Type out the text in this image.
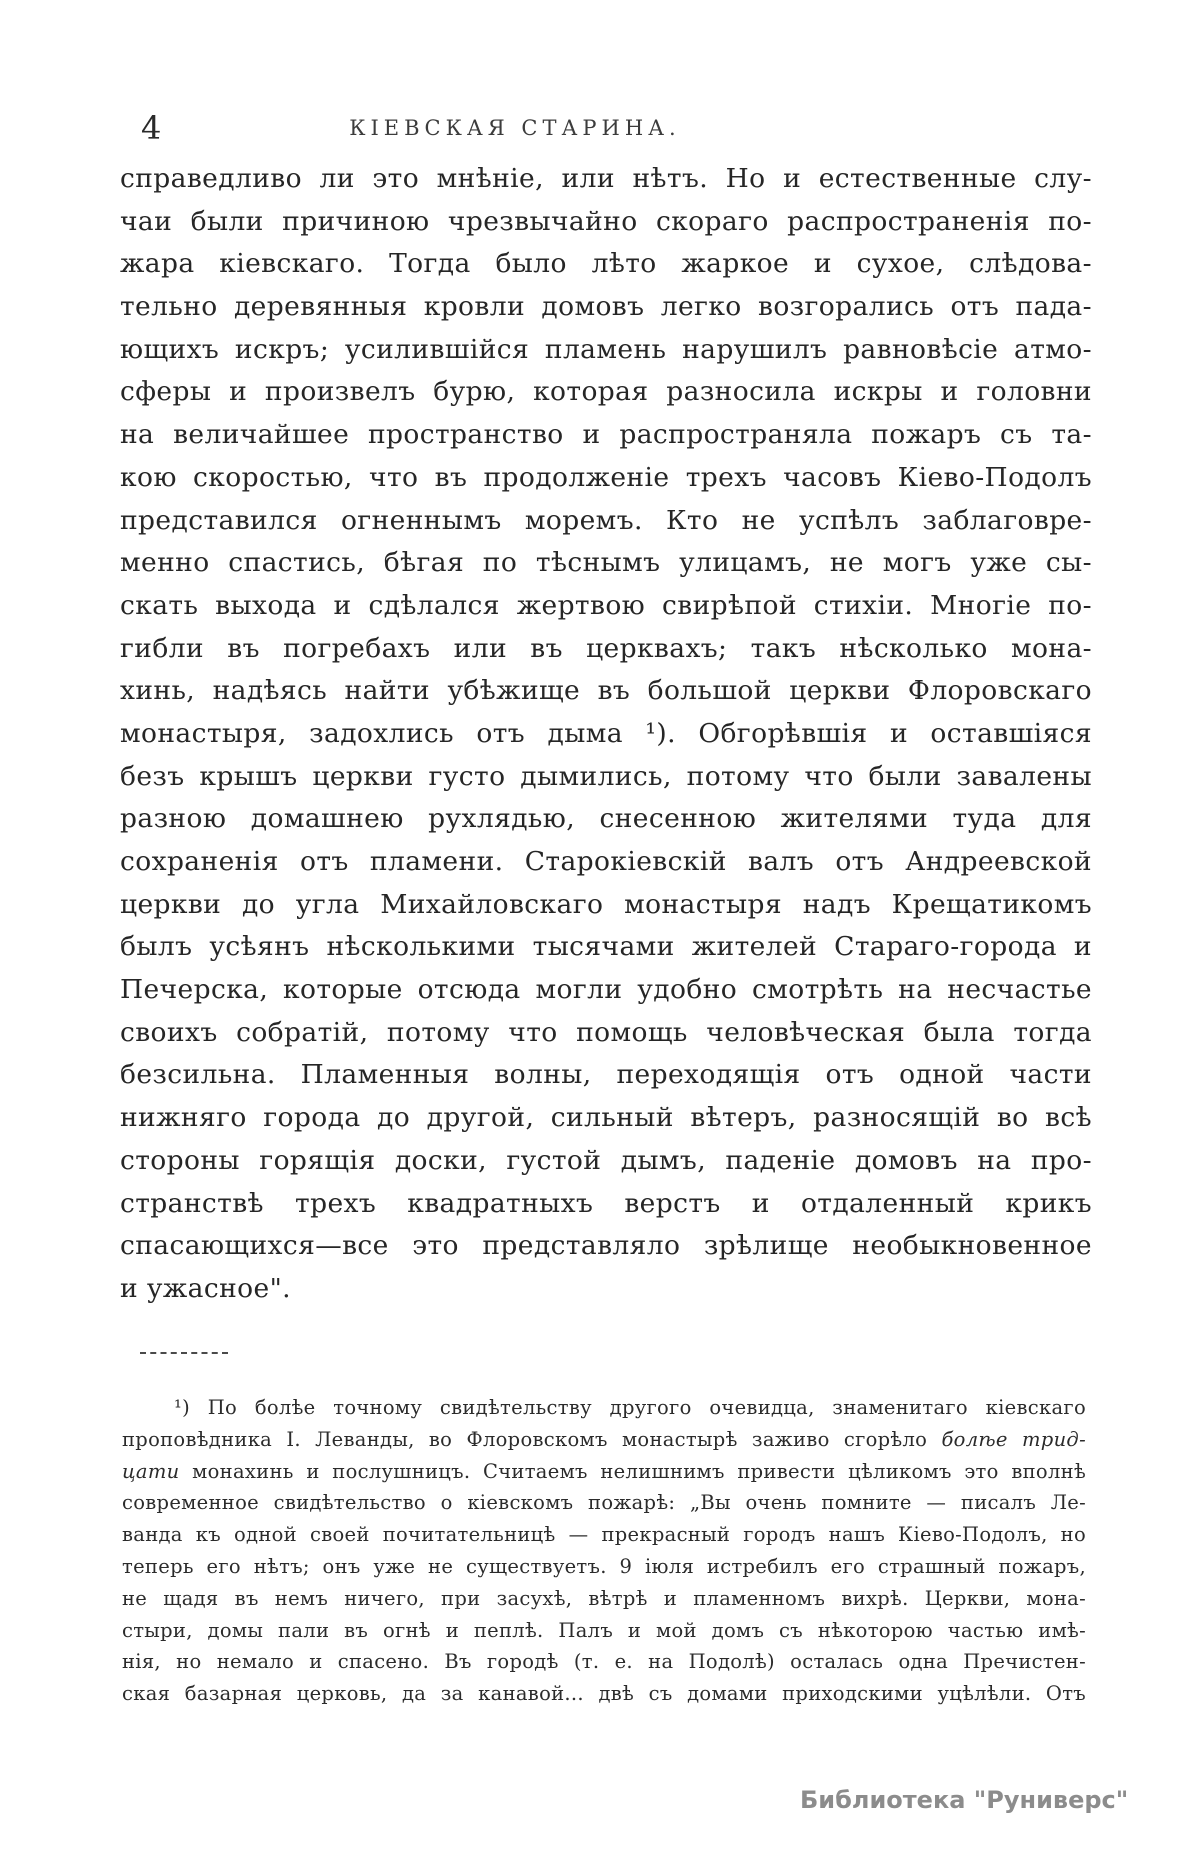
4	КІЕВСКАЯ СТАРИНА.
справедливо ли это мнѣніе, или нѣтъ. Но и естественные слу-
чаи были причиною чрезвычайно скораго распространенія по-
жара кіевскаго. Тогда было лѣто жаркое и сухое, слѣдова-
тельно деревянныя кровли домовъ легко возгорались отъ пада-
ющихъ искръ; усилившійся пламень нарушилъ равновѣсіе атмо-
сферы и произвелъ бурю, которая разносила искры и головни
на величайшее пространство и распространяла пожаръ съ та-
кою скоростью, что въ продолженіе трехъ часовъ Кіево-Подолъ
представился огненнымъ моремъ. Кто не успѣлъ заблаговре-
менно спастись, бѣгая по тѣснымъ улицамъ, не могъ уже сы-
скать выхода и сдѣлался жертвою свирѣпой стихіи. Многіе по-
гибли въ погребахъ или въ церквахъ; такъ нѣсколько мона-
хинь, надѣясь найти убѣжище въ большой церкви Флоровскаго
монастыря, задохлись отъ дыма ¹). Обгорѣвшія и оставшіяся
безъ крышъ церкви густо дымились, потому что были завалены
разною домашнею рухлядью, снесенною жителями туда для
сохраненія отъ пламени. Старокіевскій валъ отъ Андреевской
церкви до угла Михайловскаго монастыря надъ Крещатикомъ
былъ усѣянъ нѣсколькими тысячами жителей Стараго-города и
Печерска, которые отсюда могли удобно смотрѣть на несчастье
своихъ собратій, потому что помощь человѣческая была тогда
безсильна. Пламенныя волны, переходящія отъ одной части
нижняго города до другой, сильный вѣтеръ, разносящій во всѣ
стороны горящія доски, густой дымъ, паденіе домовъ на про-
странствѣ трехъ квадратныхъ верстъ и отдаленный крикъ
спасающихся—все это представляло зрѣлище необыкновенное
и ужасное".
¹) По болѣе точному свидѣтельству другого очевидца, знаменитаго кіевскаго
проповѣдника І. Леванды, во Флоровскомъ монастырѣ заживо сгорѣло болѣе трид-
цати монахинь и послушницъ. Считаемъ нелишнимъ привести цѣликомъ это вполнѣ
современное свидѣтельство о кіевскомъ пожарѣ: „Вы очень помните — писалъ Ле-
ванда къ одной своей почитательницѣ — прекрасный городъ нашъ Кіево-Подолъ, но
теперь его нѣтъ; онъ уже не существуетъ. 9 іюля истребилъ его страшный пожаръ,
не щадя въ немъ ничего, при засухѣ, вѣтрѣ и пламенномъ вихрѣ. Церкви, мона-
стыри, домы пали въ огнѣ и пеплѣ. Палъ и мой домъ съ нѣкоторою частью имѣ-
нія, но немало и спасено. Въ городѣ (т. е. на Подолѣ) осталась одна Пречистен-
ская базарная церковь, да за канавой... двѣ съ домами приходскими уцѣлѣли. Отъ
Библиотека "Руниверс"
